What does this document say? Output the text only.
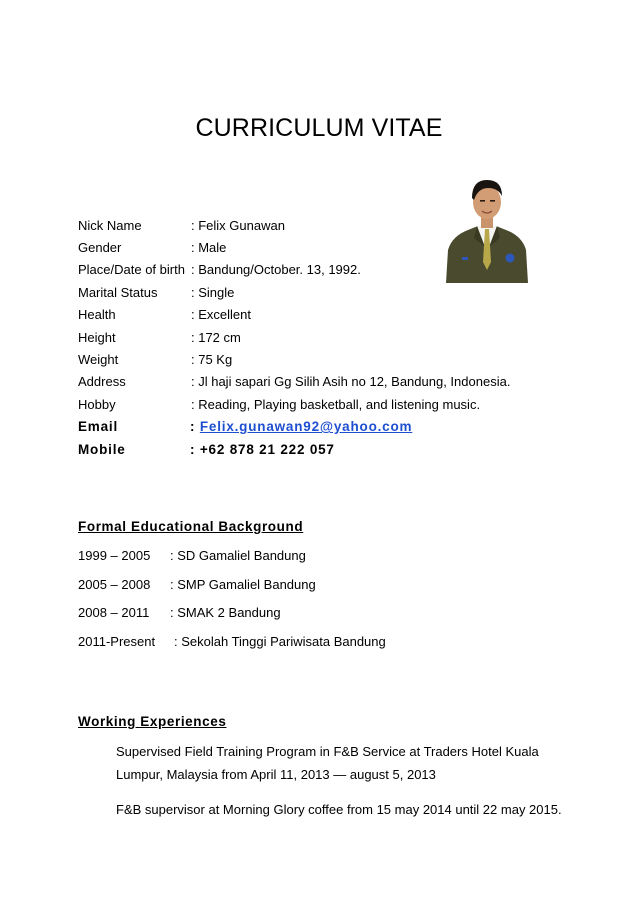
CURRICULUM VITAE
Nick Name	: Felix Gunawan
Gender	: Male
Place/Date of birth : Bandung/October. 13, 1992.
Marital Status	: Single
Health	: Excellent
Height	: 172 cm
Weight	: 75 Kg
Address	: Jl haji sapari Gg Silih Asih no 12, Bandung, Indonesia.
Hobby	: Reading, Playing basketball, and listening music.
Email	: Felix.gunawan92@yahoo.com
Mobile	: +62 878 21 222 057
Formal Educational Background
1999 – 2005	: SD Gamaliel Bandung
2005 – 2008	: SMP Gamaliel Bandung
2008 – 2011	: SMAK 2 Bandung
2011-Present	: Sekolah Tinggi Pariwisata Bandung
Working Experiences
Supervised Field Training Program in F&B Service at Traders Hotel Kuala
Lumpur, Malaysia from April 11, 2013 — august 5, 2013
F&B supervisor at Morning Glory coffee from 15 may 2014 until 22 may 2015.
